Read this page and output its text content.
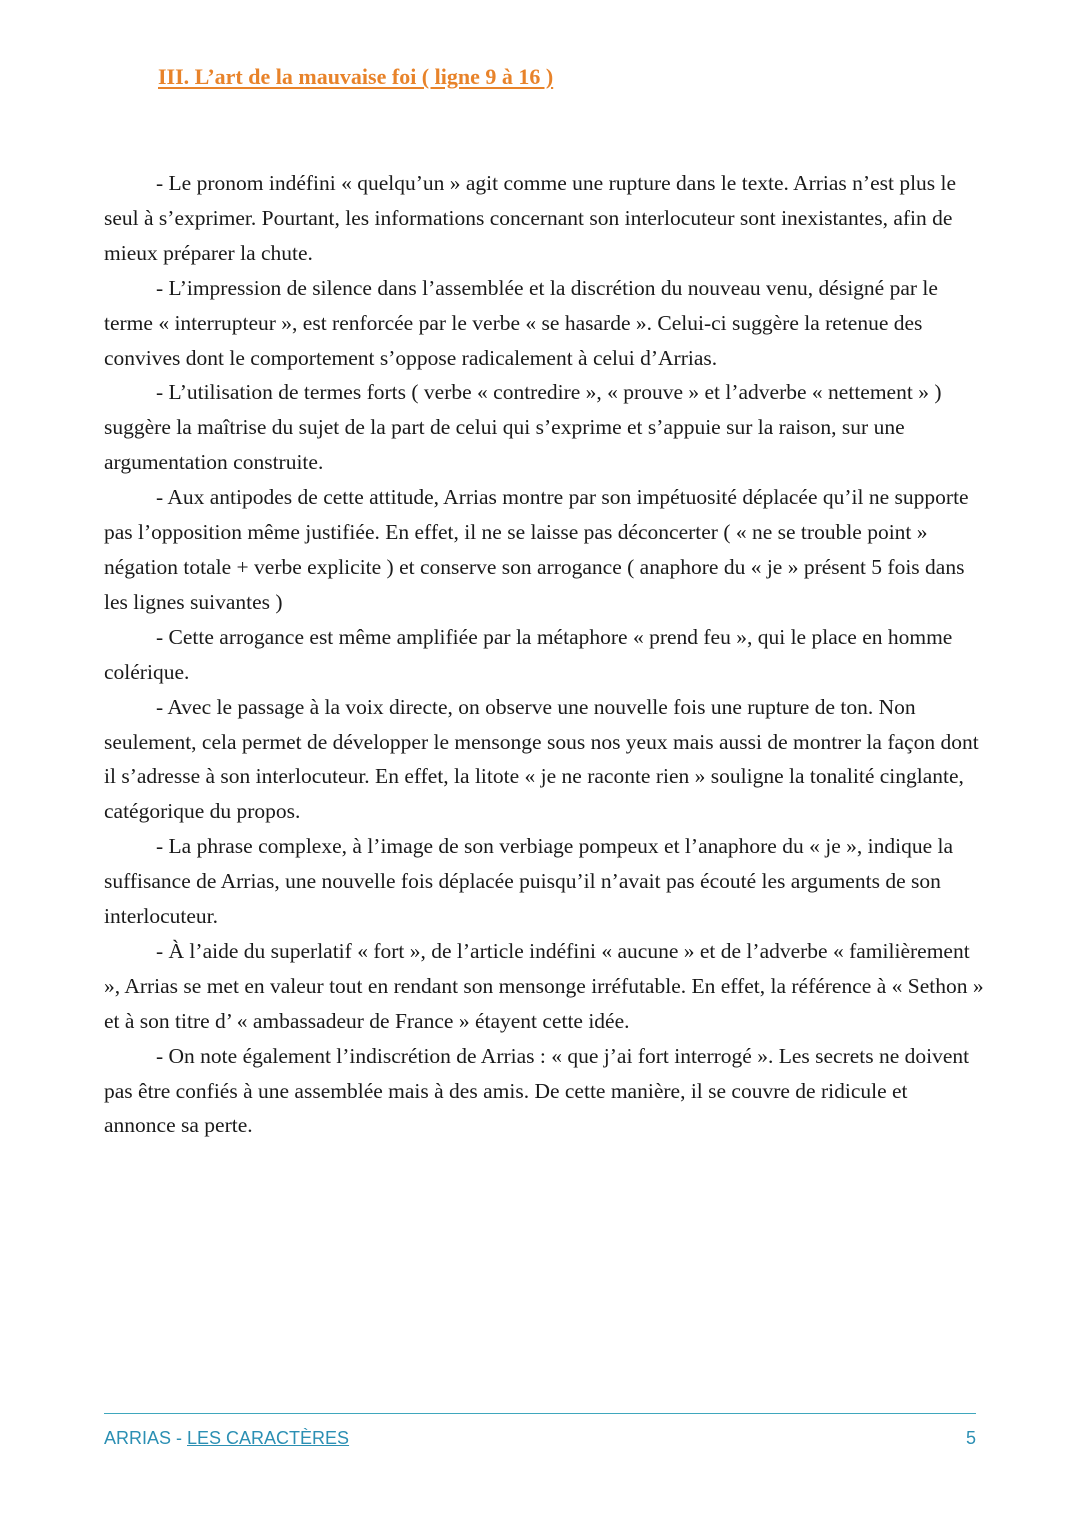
III. L’art de la mauvaise foi ( ligne 9 à 16 )

- Le pronom indéfini « quelqu’un » agit comme une rupture dans le texte. Arrias n’est plus le seul à s’exprimer. Pourtant, les informations concernant son interlocuteur sont inexistantes, afin de mieux préparer la chute.

- L’impression de silence dans l’assemblée et la discrétion du nouveau venu, désigné par le terme « interrupteur », est renforcée par le verbe « se hasarde ». Celui-ci suggère la retenue des convives dont le comportement s’oppose radicalement à celui d’Arrias.

- L’utilisation de termes forts ( verbe « contredire », « prouve » et l’adverbe « nettement » ) suggère la maîtrise du sujet de la part de celui qui s’exprime et s’appuie sur la raison, sur une argumentation construite.

- Aux antipodes de cette attitude, Arrias montre par son impétuosité déplacée qu’il ne supporte pas l’opposition même justifiée. En effet, il ne se laisse pas déconcerter ( « ne se trouble point » négation totale + verbe explicite ) et conserve son arrogance ( anaphore du « je » présent 5 fois dans les lignes suivantes )

- Cette arrogance est même amplifiée par la métaphore « prend feu », qui le place en homme colérique.

- Avec le passage à la voix directe, on observe une nouvelle fois une rupture de ton. Non seulement, cela permet de développer le mensonge sous nos yeux mais aussi de montrer la façon dont il s’adresse à son interlocuteur. En effet, la litote « je ne raconte rien » souligne la tonalité cinglante, catégorique du propos.

- La phrase complexe, à l’image de son verbiage pompeux et l’anaphore du « je », indique la suffisance de Arrias, une nouvelle fois déplacée puisqu’il n’avait pas écouté les arguments de son interlocuteur.

- À l’aide du superlatif « fort », de l’article indéfini « aucune » et de l’adverbe « familièrement », Arrias se met en valeur tout en rendant son mensonge irréfutable. En effet, la référence à « Sethon » et à son titre d’ « ambassadeur de France » étayent cette idée.

- On note également l’indiscrétion de Arrias : « que j’ai fort interrogé ». Les secrets ne doivent pas être confiés à une assemblée mais à des amis. De cette manière, il se couvre de ridicule et annonce sa perte.

ARRIAS - LES CARACTÈRES	5
